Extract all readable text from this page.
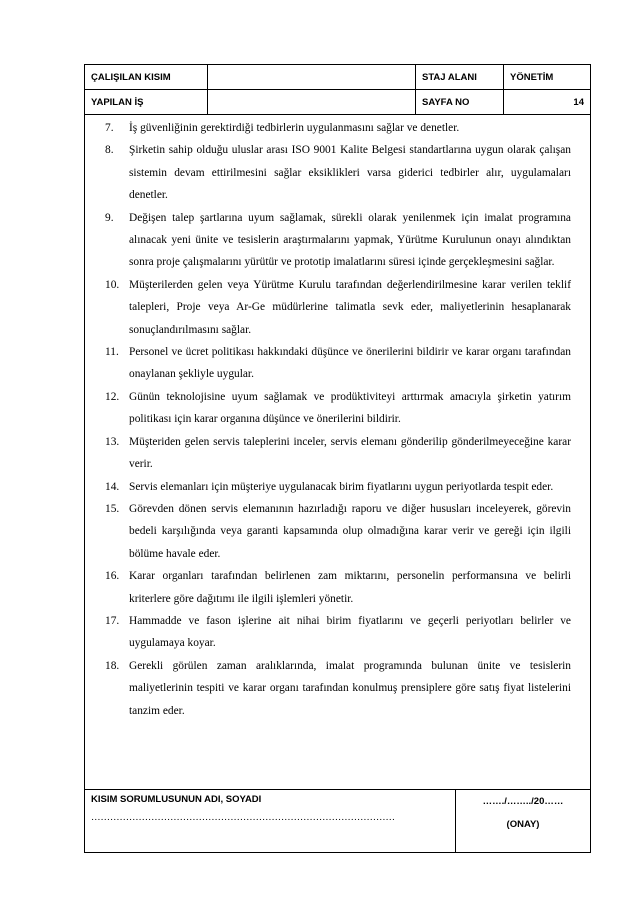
ÇALIŞILAN KISIM		STAJ ALANI	YÖNETİM
YAPILAN İŞ		SAYFA NO	14
7.	İş güvenliğinin gerektirdiği tedbirlerin uygulanmasını sağlar ve denetler.
8.	Şirketin sahip olduğu uluslar arası ISO 9001 Kalite Belgesi standartlarına uygun olarak çalışan sistemin devam ettirilmesini sağlar eksiklikleri varsa giderici tedbirler alır, uygulamaları denetler.
9.	Değişen talep şartlarına uyum sağlamak, sürekli olarak yenilenmek için imalat programına alınacak yeni ünite ve tesislerin araştırmalarını yapmak, Yürütme Kurulunun onayı alındıktan sonra proje çalışmalarını yürütür ve prototip imalatlarını süresi içinde gerçekleşmesini sağlar.
10. Müşterilerden gelen veya Yürütme Kurulu tarafından değerlendirilmesine karar verilen teklif talepleri, Proje veya Ar-Ge müdürlerine talimatla sevk eder, maliyetlerinin hesaplanarak sonuçlandırılmasını sağlar.
11. Personel ve ücret politikası hakkındaki düşünce ve önerilerini bildirir ve karar organı tarafından onaylanan şekliyle uygular.
12. Günün teknolojisine uyum sağlamak ve prodüktiviteyi arttırmak amacıyla şirketin yatırım politikası için karar organına düşünce ve önerilerini bildirir.
13. Müşteriden gelen servis taleplerini inceler, servis elemanı gönderilip gönderilmeyeceğine karar verir.
14. Servis elemanları için müşteriye uygulanacak birim fiyatlarını uygun periyotlarda tespit eder.
15. Görevden dönen servis elemanının hazırladığı raporu ve diğer hususları inceleyerek, görevin bedeli karşılığında veya garanti kapsamında olup olmadığına karar verir ve gereği için ilgili bölüme havale eder.
16. Karar organları tarafından belirlenen zam miktarını, personelin performansına ve belirli kriterlere göre dağıtımı ile ilgili işlemleri yönetir.
17. Hammadde ve fason işlerine ait nihai birim fiyatlarını ve geçerli periyotları belirler ve uygulamaya koyar.
18. Gerekli görülen zaman aralıklarında, imalat programında bulunan ünite ve tesislerin maliyetlerinin tespiti ve karar organı tarafından konulmuş prensiplere göre satış fiyat listelerini tanzim eder.
KISIM SORUMLUSUNUN ADI, SOYADI
……………………………………………………………………………………

……./……../20……
(ONAY)
